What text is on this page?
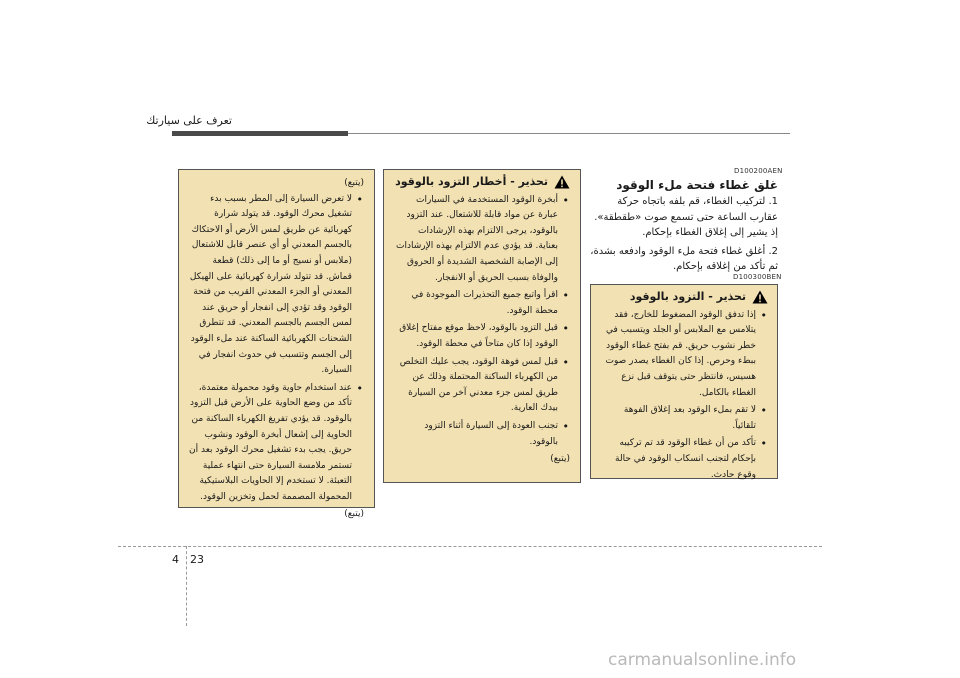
تعرف على سيارتك
(يتبع)
• لا تعرض السيارة إلى المطر بسبب بدء تشغيل محرك الوقود. قد يتولد شرارة كهربائية عن طريق لمس الأرض أو الاحتكاك بالجسم المعدني أو أي عنصر قابل للاشتعال (ملابس أو نسيج أو ما إلى ذلك) قطعة قماش. قد تتولد شرارة كهربائية على الهيكل المعدني أو الجزء المعدني القريب من فتحة الوقود وقد تؤدي إلى انفجار أو حريق عند لمس الجسم بالجسم المعدني. قد تتطرق الشحنات الكهربائية الساكنة عند ملء الوقود إلى الجسم وتتسبب في حدوث انفجار في السيارة.
• عند استخدام حاوية وقود محمولة معتمدة، تأكد من وضع الحاوية على الأرض قبل التزود بالوقود. قد يؤدي تفريغ الكهرباء الساكنة من الحاوية إلى إشعال أبخرة الوقود ونشوب حريق. يجب بدء تشغيل محرك الوقود بعد أن تستمر ملامسة السيارة حتى انتهاء عملية التعبئة. لا تستخدم إلا الحاويات البلاستيكية المحمولة المصممة لحمل وتخزين الوقود.
(يتبع)
تحذير - أخطار التزود بالوقود
• أبخرة الوقود المستخدمة في السيارات عبارة عن مواد قابلة للاشتعال. عند التزود بالوقود، يرجى الالتزام بهذه الإرشادات بعناية. قد يؤدي عدم الالتزام بهذه الإرشادات إلى الإصابة الشخصية الشديدة أو الحروق والوفاة بسبب الحريق أو الانفجار.
• اقرأ واتبع جميع التحذيرات الموجودة في محطة الوقود.
• قبل التزود بالوقود، لاحظ موقع مفتاح إغلاق الوقود إذا كان متاحاً في محطة الوقود.
• قبل لمس فوهة الوقود، يجب عليك التخلص من الكهرباء الساكنة المحتملة وذلك عن طريق لمس جزء معدني آخر من السيارة بيدك العارية.
• تجنب العودة إلى السيارة أثناء التزود بالوقود.
(يتبع)
D100200AEN
غلق غطاء فتحة ملء الوقود
1. لتركيب الغطاء، قم بلفه باتجاه حركة عقارب الساعة حتى تسمع صوت «طقطقة». إذ يشير إلى إغلاق الغطاء بإحكام.
2. أغلق غطاء فتحة ملء الوقود وادفعه بشدة، ثم تأكد من إغلاقه بإحكام.
D100300BEN
تحذير - التزود بالوقود
• إذا تدفق الوقود المضغوط للخارج، فقد يتلامس مع الملابس أو الجلد ويتسبب في خطر نشوب حريق. قم بفتح غطاء الوقود ببطء وحرص. إذا كان الغطاء يصدر صوت هسيس، فانتظر حتى يتوقف قبل نزع الغطاء بالكامل.
• لا تقم بملء الوقود بعد إغلاق الفوهة تلقائياً.
• تأكد من أن غطاء الوقود قد تم تركيبه بإحكام لتجنب انسكاب الوقود في حالة وقوع حادث.
4 23
carmanualsonline.info
